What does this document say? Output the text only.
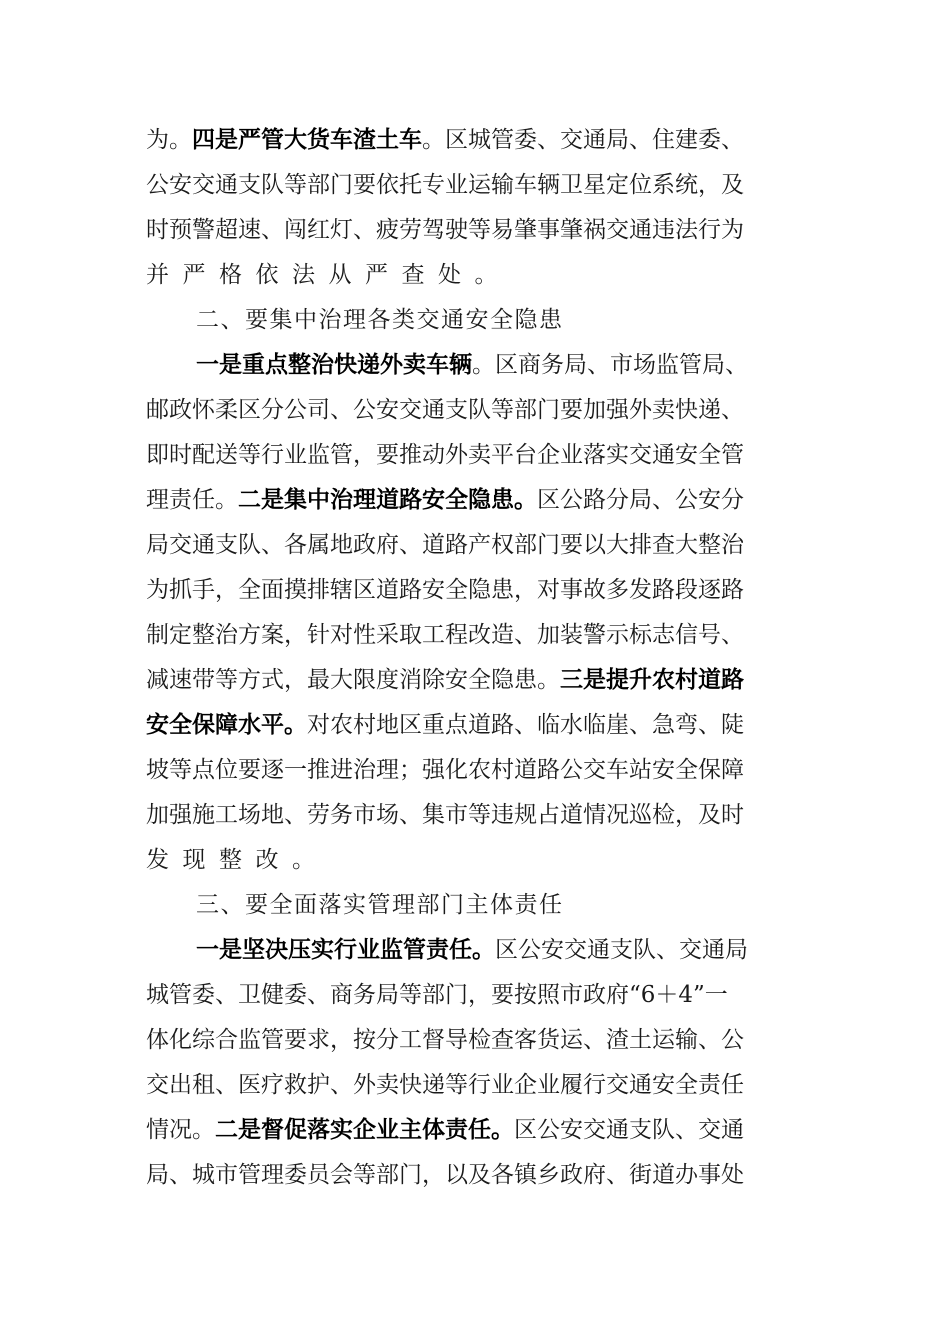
为。四是严管大货车渣土车。区城管委、交通局、住建委、
公安交通支队等部门要依托专业运输车辆卫星定位系统，及
时预警超速、闯红灯、疲劳驾驶等易肇事肇祸交通违法行为
并严格依法从严查处。
二、要集中治理各类交通安全隐患
一是重点整治快递外卖车辆。区商务局、市场监管局、
邮政怀柔区分公司、公安交通支队等部门要加强外卖快递、
即时配送等行业监管，要推动外卖平台企业落实交通安全管
理责任。二是集中治理道路安全隐患。区公路分局、公安分
局交通支队、各属地政府、道路产权部门要以大排查大整治
为抓手，全面摸排辖区道路安全隐患，对事故多发路段逐路
制定整治方案，针对性采取工程改造、加装警示标志信号、
减速带等方式，最大限度消除安全隐患。三是提升农村道路
安全保障水平。对农村地区重点道路、临水临崖、急弯、陡
坡等点位要逐一推进治理；强化农村道路公交车站安全保障
加强施工场地、劳务市场、集市等违规占道情况巡检，及时
发现整改。
三、要全面落实管理部门主体责任
一是坚决压实行业监管责任。区公安交通支队、交通局
城管委、卫健委、商务局等部门，要按照市政府“6＋4”一
体化综合监管要求，按分工督导检查客货运、渣土运输、公
交出租、医疗救护、外卖快递等行业企业履行交通安全责任
情况。二是督促落实企业主体责任。区公安交通支队、交通
局、城市管理委员会等部门，以及各镇乡政府、街道办事处
